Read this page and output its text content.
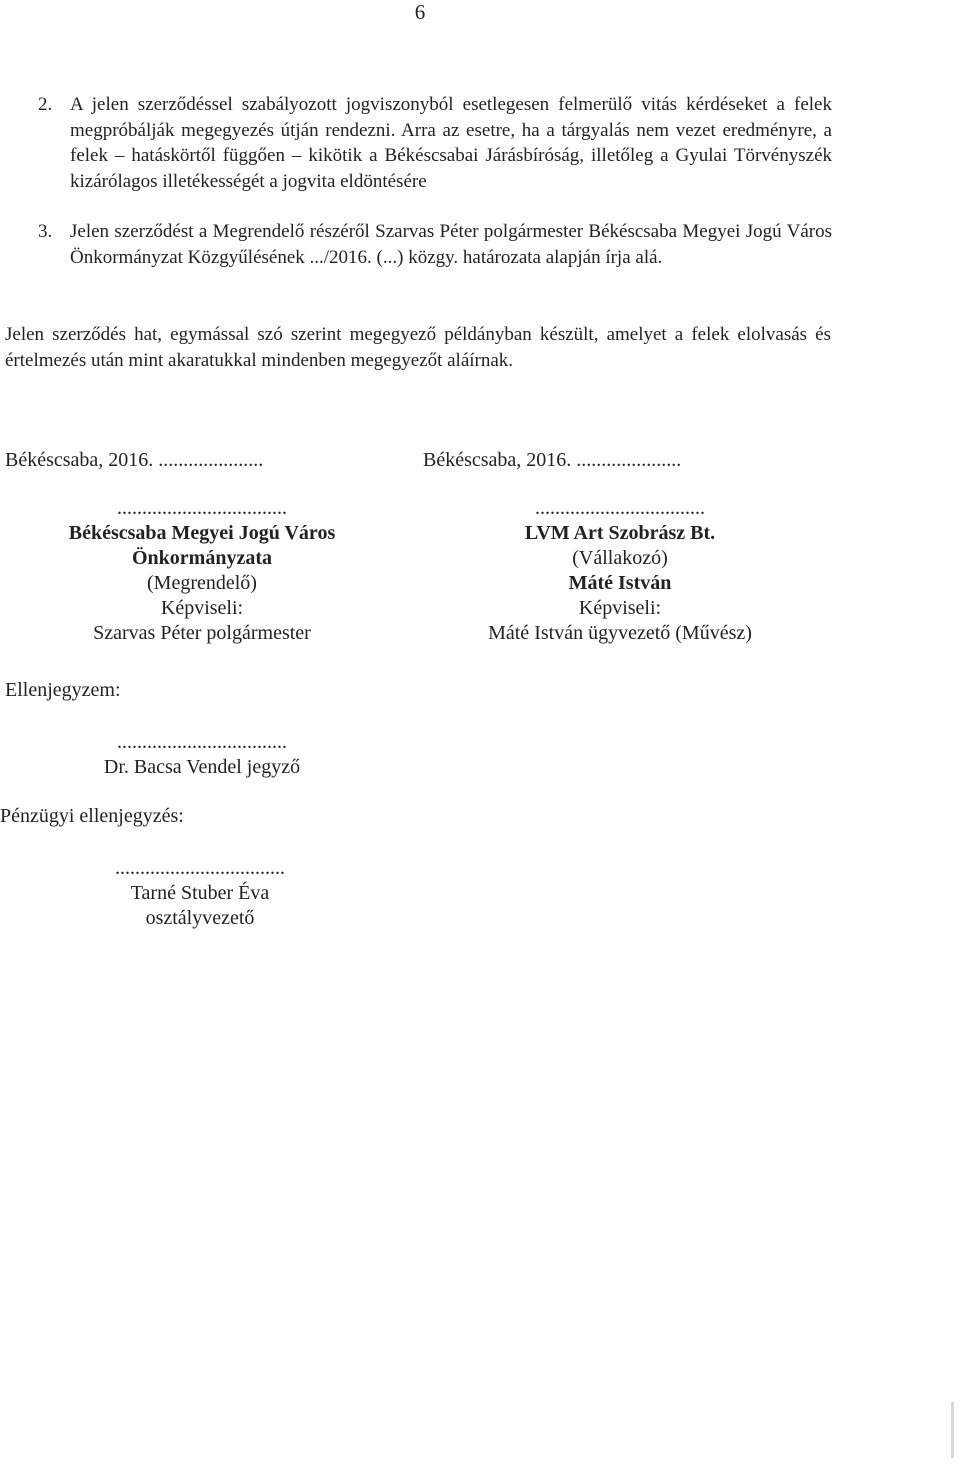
6
2. A jelen szerződéssel szabályozott jogviszonyból esetlegesen felmerülő vitás kérdéseket a felek megpróbálják megegyezés útján rendezni. Arra az esetre, ha a tárgyalás nem vezet eredményre, a felek – hatáskörtől függően – kikötik a Békéscsabai Járásbíróság, illetőleg a Gyulai Törvényszék kizárólagos illetékességét a jogvita eldöntésére
3. Jelen szerződést a Megrendelő részéről Szarvas Péter polgármester Békéscsaba Megyei Jogú Város Önkormányzat Közgyűlésének .../2016. (...) közgy. határozata alapján írja alá.
Jelen szerződés hat, egymással szó szerint megegyező példányban készült, amelyet a felek elolvasás és értelmezés után mint akaratukkal mindenben megegyezőt aláírnak.
Békéscsaba, 2016. .....................	Békéscsaba, 2016. .....................
..................................
Békéscsaba Megyei Jogú Város
Önkormányzata
(Megrendelő)
Képviseli:
Szarvas Péter polgármester
..................................
LVM Art Szobrász Bt.
(Vállakozó)
Máté István
Képviseli:
Máté István ügyvezető (Művész)
Ellenjegyzem:
..................................
Dr. Bacsa Vendel jegyző
Pénzügyi ellenjegyzés:
..................................
Tarné Stuber Éva
osztályvezető
